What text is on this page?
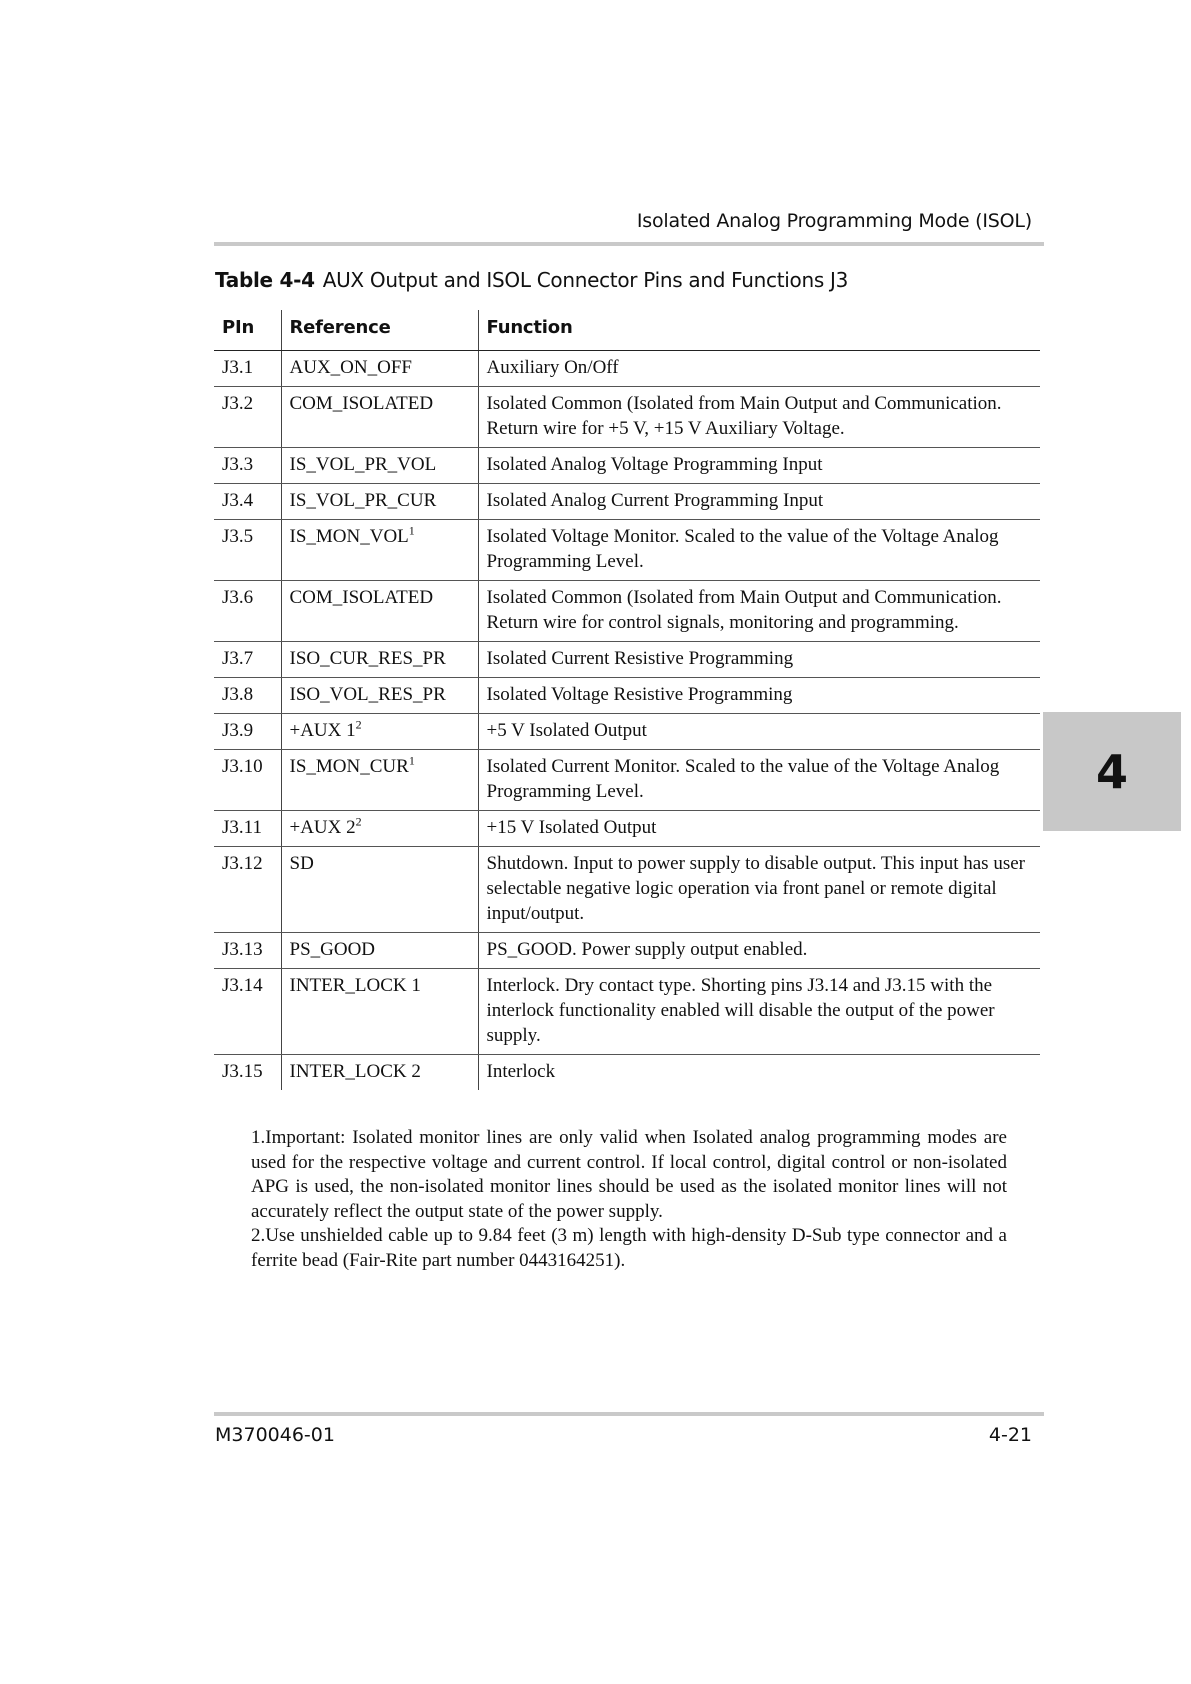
Isolated Analog Programming Mode (ISOL)
Table 4-4 AUX Output and ISOL Connector Pins and Functions J3
PIn	Reference	Function
J3.1	AUX_ON_OFF	Auxiliary On/Off
J3.2	COM_ISOLATED	Isolated Common (Isolated from Main Output and Communication. Return wire for +5 V, +15 V Auxiliary Voltage.
J3.3	IS_VOL_PR_VOL	Isolated Analog Voltage Programming Input
J3.4	IS_VOL_PR_CUR	Isolated Analog Current Programming Input
J3.5	IS_MON_VOL$^1$	Isolated Voltage Monitor. Scaled to the value of the Voltage Analog Programming Level.
J3.6	COM_ISOLATED	Isolated Common (Isolated from Main Output and Communication. Return wire for control signals, monitoring and programming.
J3.7	ISO_CUR_RES_PR	Isolated Current Resistive Programming
J3.8	ISO_VOL_RES_PR	Isolated Voltage Resistive Programming
J3.9	+AUX $1^2$	+5 V Isolated Output
J3.10	IS_MON_CUR$^1$	Isolated Current Monitor. Scaled to the value of the Voltage Analog Programming Level.
J3.11	+AUX $2^2$	+15 V Isolated Output
J3.12	SD	Shutdown. Input to power supply to disable output. This input has user selectable negative logic operation via front panel or remote digital input/output.
J3.13	PS_GOOD	PS_GOOD. Power supply output enabled.
J3.14	INTER_LOCK 1	Interlock. Dry contact type. Shorting pins J3.14 and J3.15 with the interlock functionality enabled will disable the output of the power supply.
J3.15	INTER_LOCK 2	Interlock

1.Important: Isolated monitor lines are only valid when Isolated analog programming modes are used for the respective voltage and current control. If local control, digital control or non-isolated APG is used, the non-isolated monitor lines should be used as the isolated monitor lines will not accurately reflect the output state of the power supply.

2.Use unshielded cable up to 9.84 feet (3 m) length with high-density D-Sub type connector and a ferrite bead (Fair-Rite part number 0443164251).

4
M370046-01	4-21
